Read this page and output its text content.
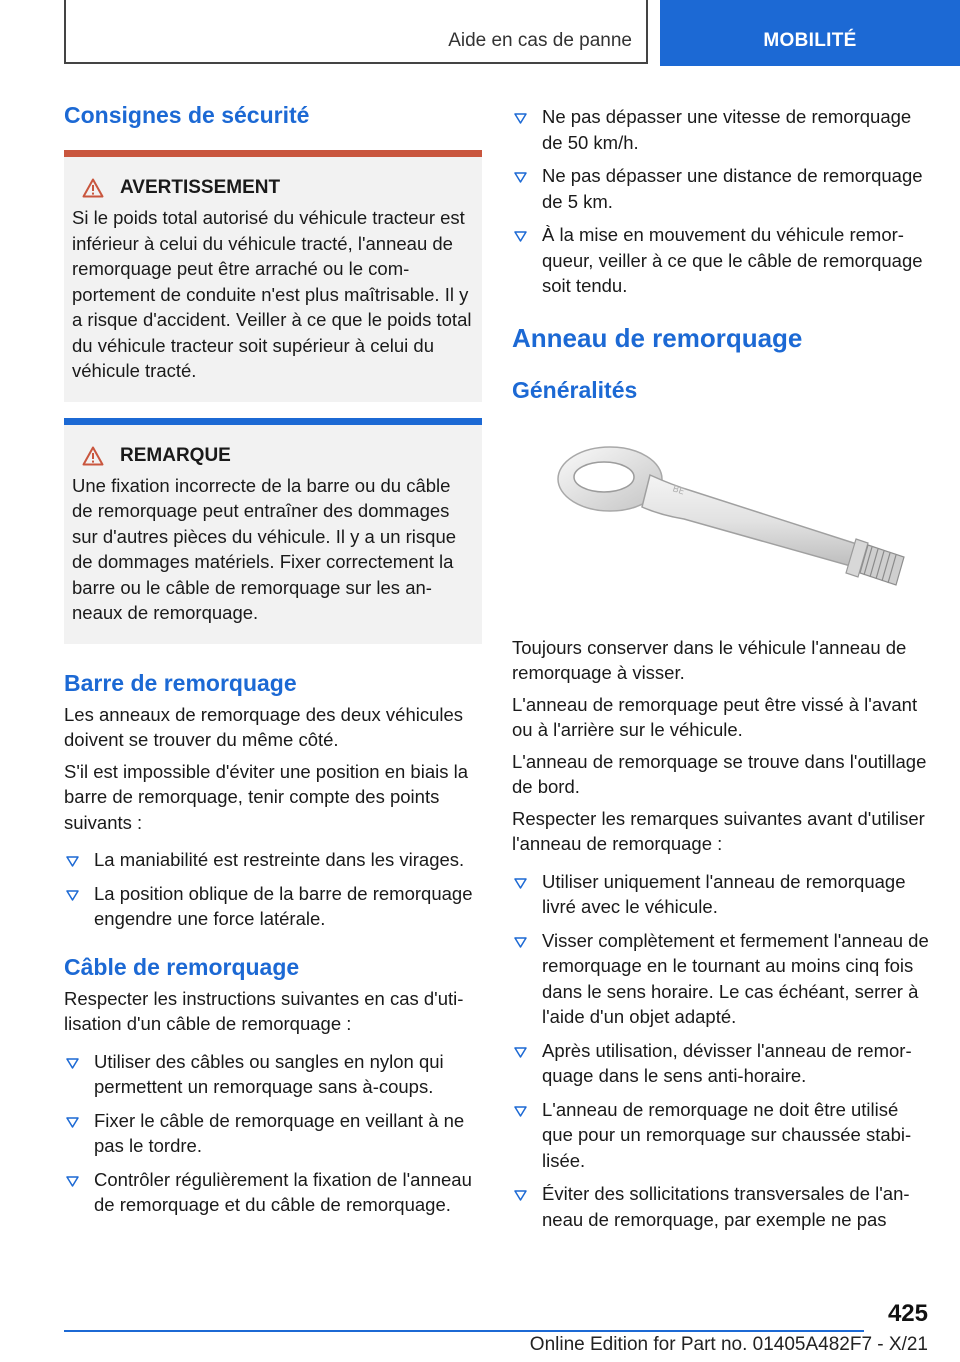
Aide en cas de panne	MOBILITÉ
Consignes de sécurité
AVERTISSEMENT
Si le poids total autorisé du véhicule tracteur est inférieur à celui du véhicule tracté, l'anneau de remorquage peut être arraché ou le comportement de conduite n'est plus maîtrisable. Il y a risque d'accident. Veiller à ce que le poids total du véhicule tracteur soit supérieur à celui du véhicule tracté.
REMARQUE
Une fixation incorrecte de la barre ou du câble de remorquage peut entraîner des dommages sur d'autres pièces du véhicule. Il y a un risque de dommages matériels. Fixer correctement la barre ou le câble de remorquage sur les anneaux de remorquage.
Barre de remorquage

Les anneaux de remorquage des deux véhicules doivent se trouver du même côté.

S'il est impossible d'éviter une position en biais la barre de remorquage, tenir compte des points suivants :

La maniabilité est restreinte dans les virages.
La position oblique de la barre de remorquage engendre une force latérale.
Câble de remorquage

Respecter les instructions suivantes en cas d'utilisation d'un câble de remorquage :

Utiliser des câbles ou sangles en nylon qui permettent un remorquage sans à-coups.
Fixer le câble de remorquage en veillant à ne pas le tordre.
Contrôler régulièrement la fixation de l'anneau de remorquage et du câble de remorquage.
Ne pas dépasser une vitesse de remorquage de 50 km/h.
Ne pas dépasser une distance de remorquage de 5 km.
À la mise en mouvement du véhicule remorqueur, veiller à ce que le câble de remorquage soit tendu.
Anneau de remorquage
Généralités
BE

Toujours conserver dans le véhicule l'anneau de remorquage à visser.

L'anneau de remorquage peut être vissé à l'avant ou à l'arrière sur le véhicule.

L'anneau de remorquage se trouve dans l'outillage de bord.

Respecter les remarques suivantes avant d'utiliser l'anneau de remorquage :

Utiliser uniquement l'anneau de remorquage livré avec le véhicule.
Visser complètement et fermement l'anneau de remorquage en le tournant au moins cinq fois dans le sens horaire. Le cas échéant, serrer à l'aide d'un objet adapté.
Après utilisation, dévisser l'anneau de remorquage dans le sens anti-horaire.
L'anneau de remorquage ne doit être utilisé que pour un remorquage sur chaussée stabilisée.
Éviter des sollicitations transversales de l'anneau de remorquage, par exemple ne pas
425
Online Edition for Part no. 01405A482F7 - X/21
